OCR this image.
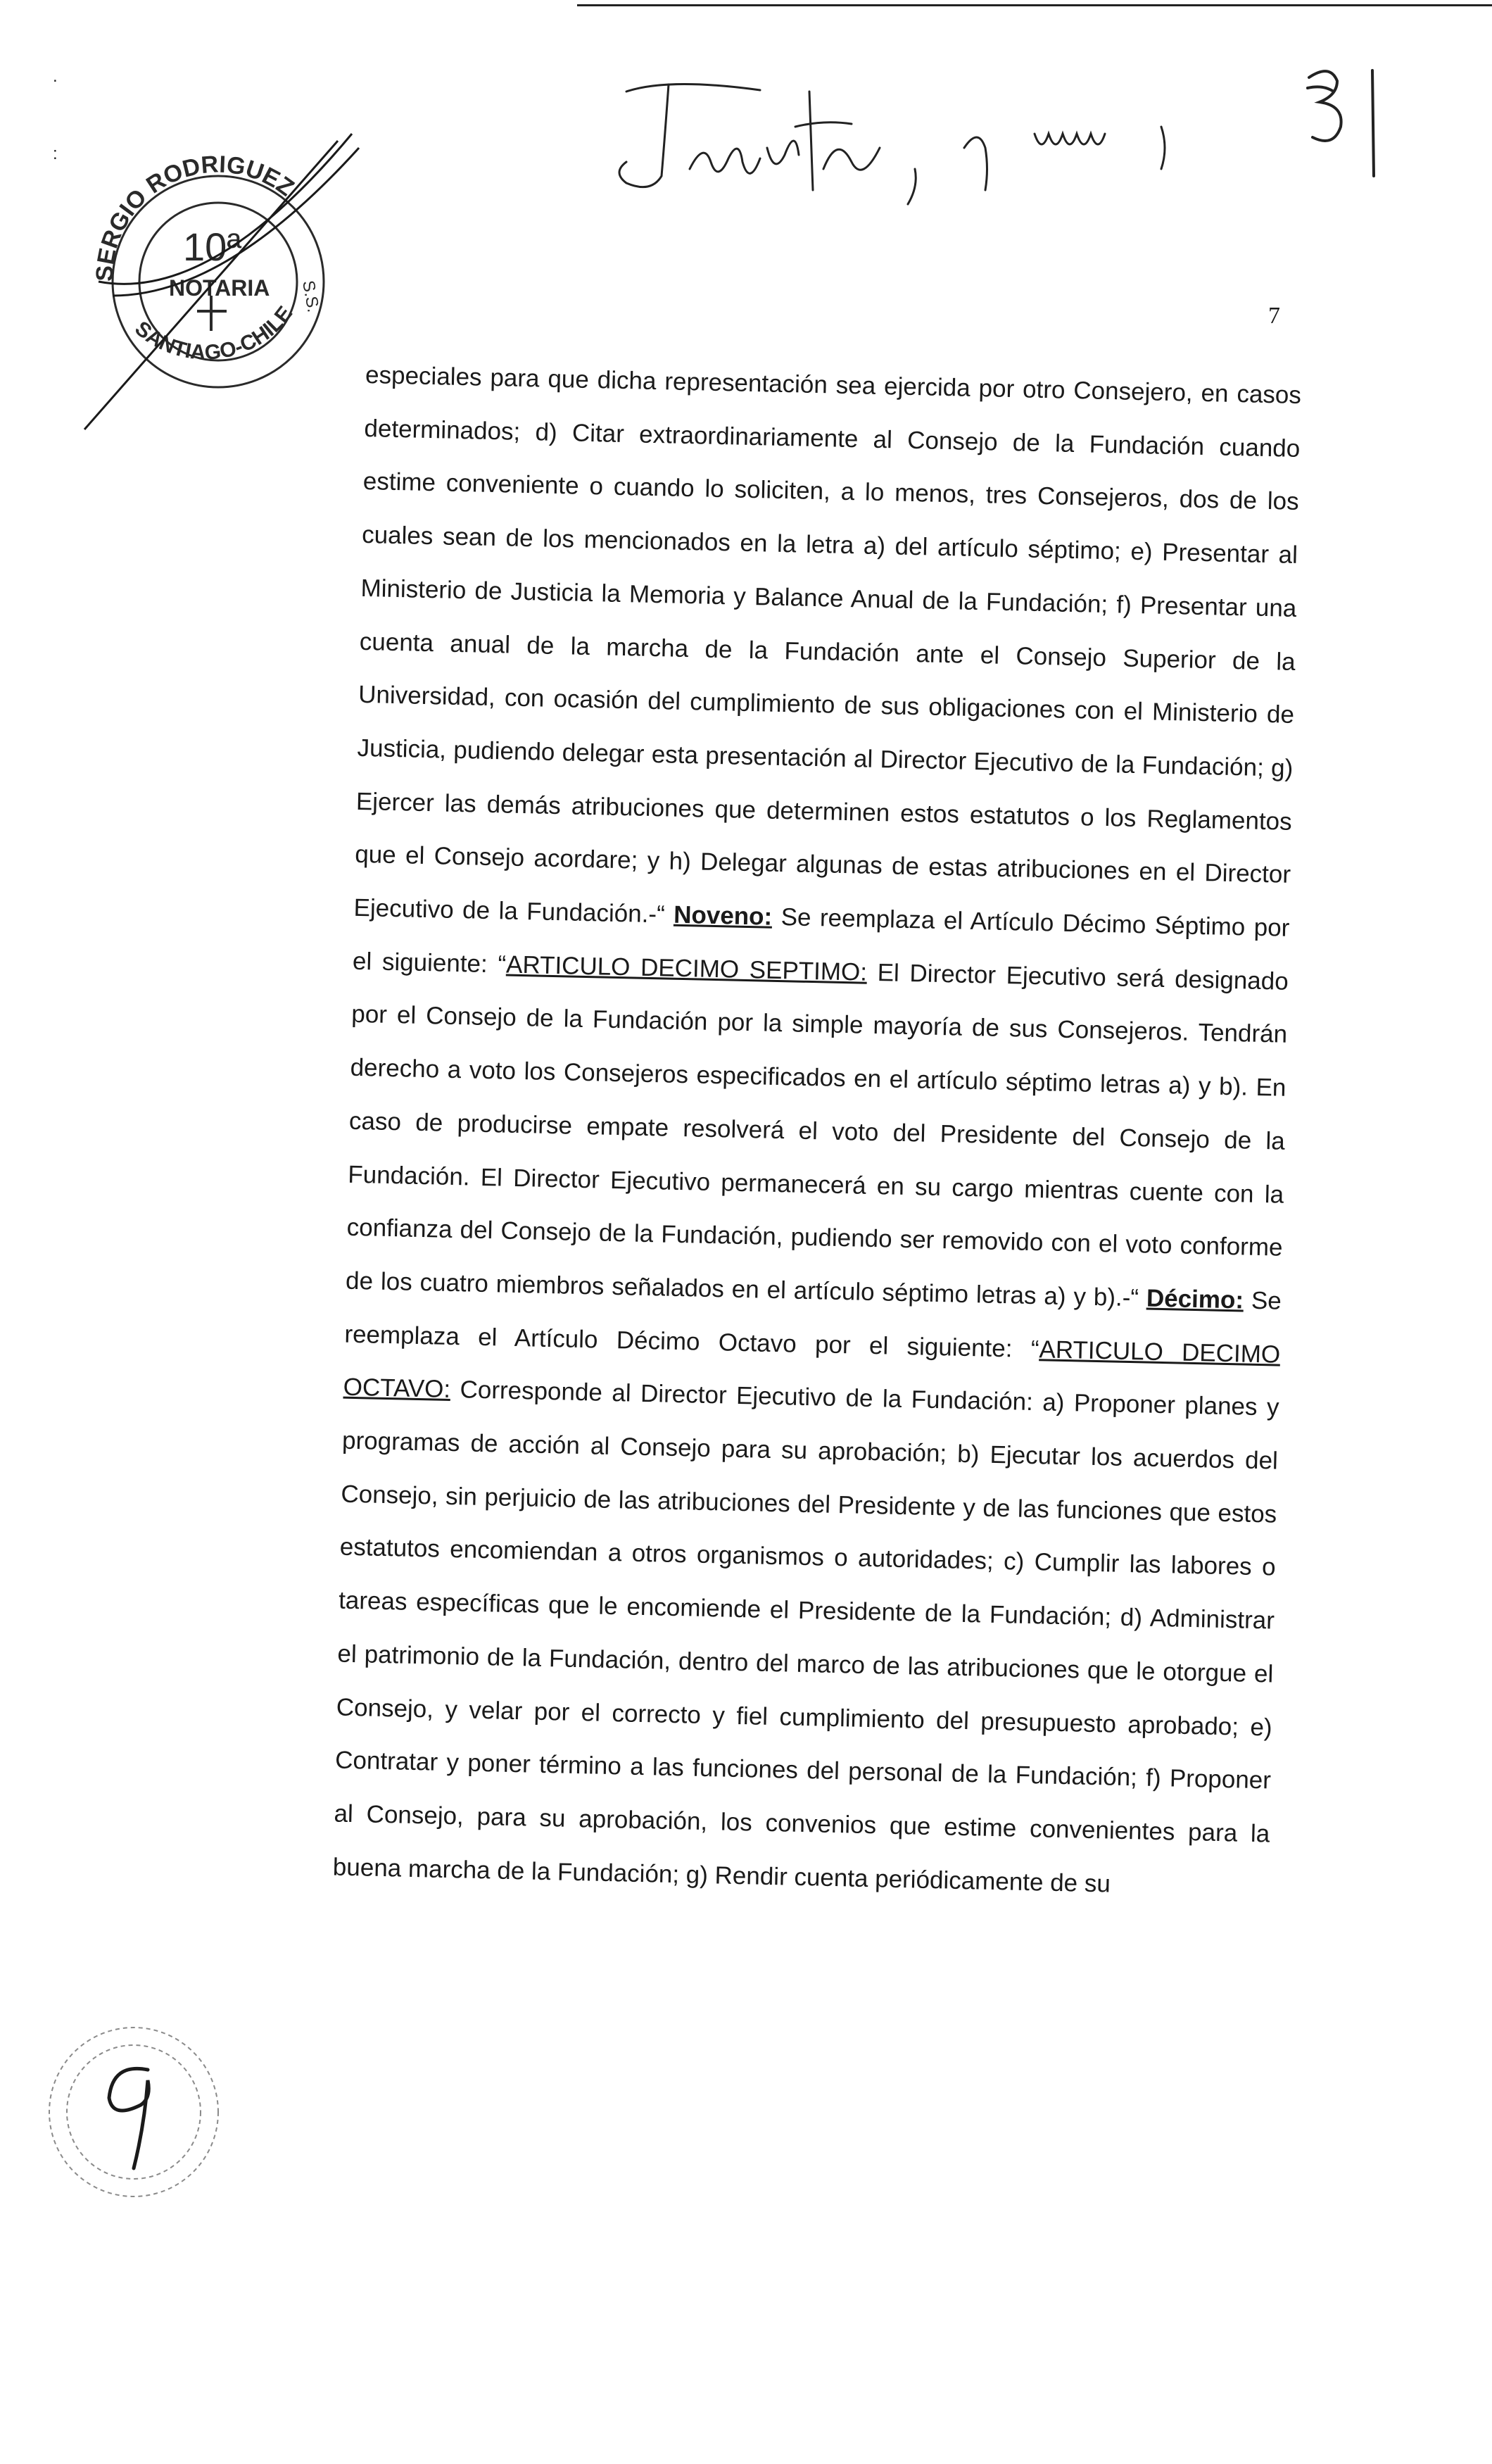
SERGIO RODRIGUEZ
SANTIAGO-CHILE
10ª
NOTARIA S.S.
.
:
7

especiales para que dicha representación sea ejercida por otro Consejero, en casos determinados; d) Citar extraordinariamente al Consejo de la Fundación cuando estime conveniente o cuando lo soliciten, a lo menos, tres Consejeros, dos de los cuales sean de los mencionados en la letra a) del artículo séptimo; e) Presentar al Ministerio de Justicia la Memoria y Balance Anual de la Fundación; f) Presentar una cuenta anual de la marcha de la Fundación ante el Consejo Superior de la Universidad, con ocasión del cumplimiento de sus obligaciones con el Ministerio de Justicia, pudiendo delegar esta presentación al Director Ejecutivo de la Fundación; g) Ejercer las demás atribuciones que determinen estos estatutos o los Reglamentos que el Consejo acordare; y h) Delegar algunas de estas atribuciones en el Director Ejecutivo de la Fundación.-“ Noveno: Se reemplaza el Artículo Décimo Séptimo por el siguiente: “ARTICULO DECIMO SEPTIMO: El Director Ejecutivo será designado por el Consejo de la Fundación por la simple mayoría de sus Consejeros. Tendrán derecho a voto los Consejeros especificados en el artículo séptimo letras a) y b). En caso de producirse empate resolverá el voto del Presidente del Consejo de la Fundación. El Director Ejecutivo permanecerá en su cargo mientras cuente con la confianza del Consejo de la Fundación, pudiendo ser removido con el voto conforme de los cuatro miembros señalados en el artículo séptimo letras a) y b).-“ Décimo: Se reemplaza el Artículo Décimo Octavo por el siguiente: “ARTICULO DECIMO OCTAVO: Corresponde al Director Ejecutivo de la Fundación: a) Proponer planes y programas de acción al Consejo para su aprobación; b) Ejecutar los acuerdos del Consejo, sin perjuicio de las atribuciones del Presidente y de las funciones que estos estatutos encomiendan a otros organismos o autoridades; c) Cumplir las labores o tareas específicas que le encomiende el Presidente de la Fundación; d) Administrar el patrimonio de la Fundación, dentro del marco de las atribuciones que le otorgue el Consejo, y velar por el correcto y fiel cumplimiento del presupuesto aprobado; e) Contratar y poner término a las funciones del personal de la Fundación; f) Proponer al Consejo, para su aprobación, los convenios que estime convenientes para la buena marcha de la Fundación; g) Rendir cuenta periódicamente de su
